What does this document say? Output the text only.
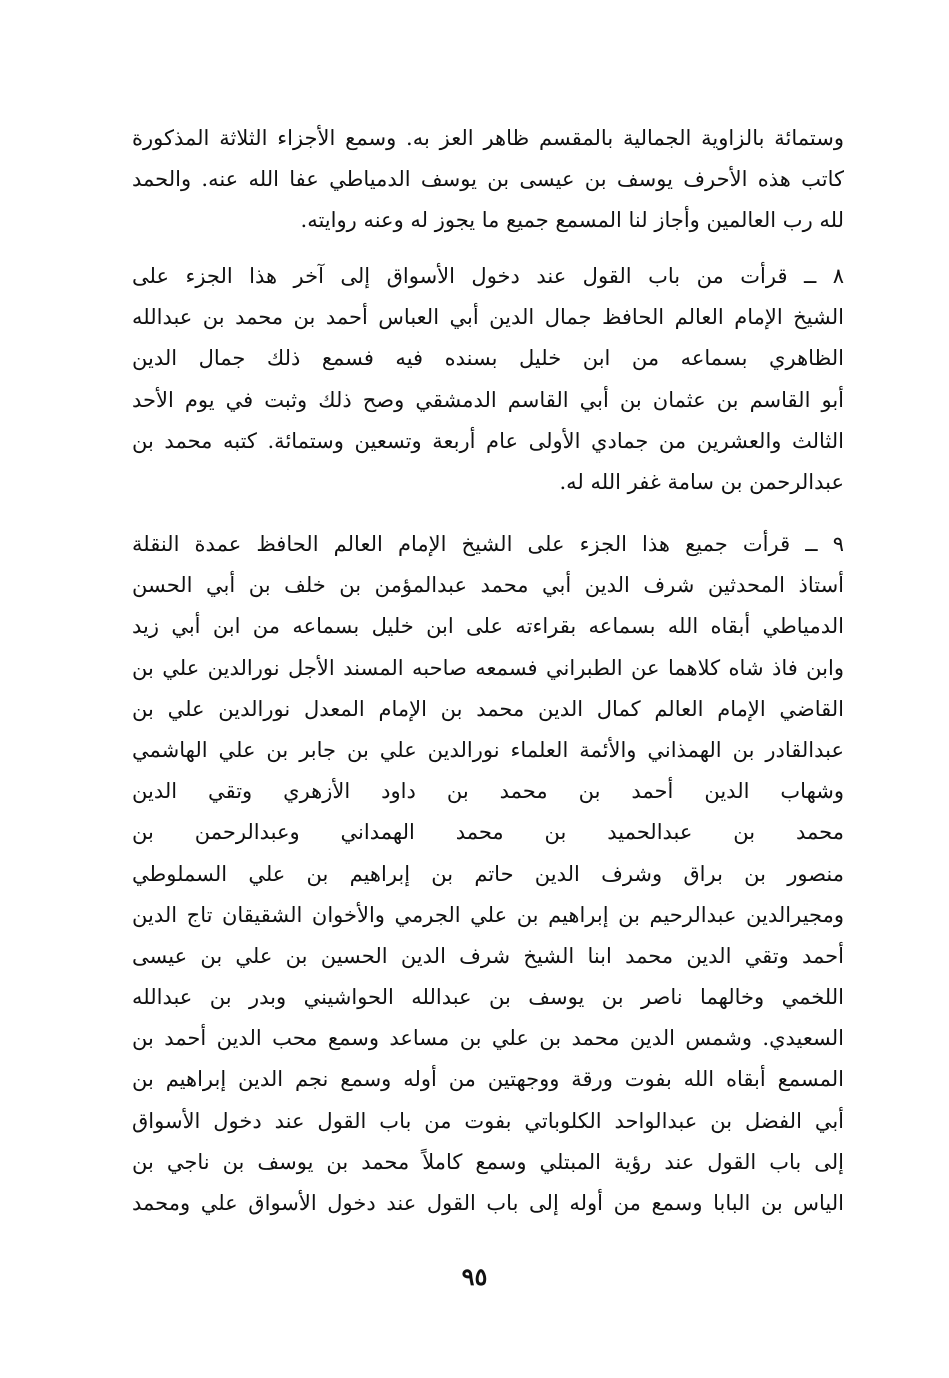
وستمائة بالزاوية الجمالية بالمقسم ظاهر العز به. وسمع الأجزاء الثلاثة المذكورة
كاتب هذه الأحرف يوسف بن عيسى بن يوسف الدمياطي عفا الله عنه. والحمد
لله رب العالمين وأجاز لنا المسمع جميع ما يجوز له وعنه روايته.
٨ ــ قرأت من باب القول عند دخول الأسواق إلى آخر هذا الجزء على
الشيخ الإمام العالم الحافظ جمال الدين أبي العباس أحمد بن محمد بن عبدالله
الظاهري بسماعه من ابن خليل بسنده فيه فسمع ذلك جمال الدين
أبو القاسم بن عثمان بن أبي القاسم الدمشقي وصح ذلك وثبت في يوم الأحد
الثالث والعشرين من جمادي الأولى عام أربعة وتسعين وستمائة. كتبه محمد بن
عبدالرحمن بن سامة غفر الله له.
٩ ــ قرأت جميع هذا الجزء على الشيخ الإمام العالم الحافظ عمدة النقلة
أستاذ المحدثين شرف الدين أبي محمد عبدالمؤمن بن خلف بن أبي الحسن
الدمياطي أبقاه الله بسماعه بقراءته على ابن خليل بسماعه من ابن أبي زيد
وابن فاذ شاه كلاهما عن الطبراني فسمعه صاحبه المسند الأجل نورالدين علي بن
القاضي الإمام العالم كمال الدين محمد بن الإمام المعدل نورالدين علي بن
عبدالقادر بن الهمذاني والأئمة العلماء نورالدين علي بن جابر بن علي الهاشمي
وشهاب الدين أحمد بن محمد بن داود الأزهري وتقي الدين
محمد بن عبدالحميد بن محمد الهمداني وعبدالرحمن بن
منصور بن براق وشرف الدين حاتم بن إبراهيم بن علي السملوطي
ومجيرالدين عبدالرحيم بن إبراهيم بن علي الجرمي والأخوان الشقيقان تاج الدين
أحمد وتقي الدين محمد ابنا الشيخ شرف الدين الحسين بن علي بن عيسى
اللخمي وخالهما ناصر بن يوسف بن عبدالله الحواشيني وبدر بن عبدالله
السعيدي. وشمس الدين محمد بن علي بن مساعد وسمع محب الدين أحمد بن
المسمع أبقاه الله بفوت ورقة ووجهتين من أوله وسمع نجم الدين إبراهيم بن
أبي الفضل بن عبدالواحد الكلوباتي بفوت من باب القول عند دخول الأسواق
إلى باب القول عند رؤية المبتلي وسمع كاملاً محمد بن يوسف بن ناجي بن
الياس بن البابا وسمع من أوله إلى باب القول عند دخول الأسواق علي ومحمد
٩٥
